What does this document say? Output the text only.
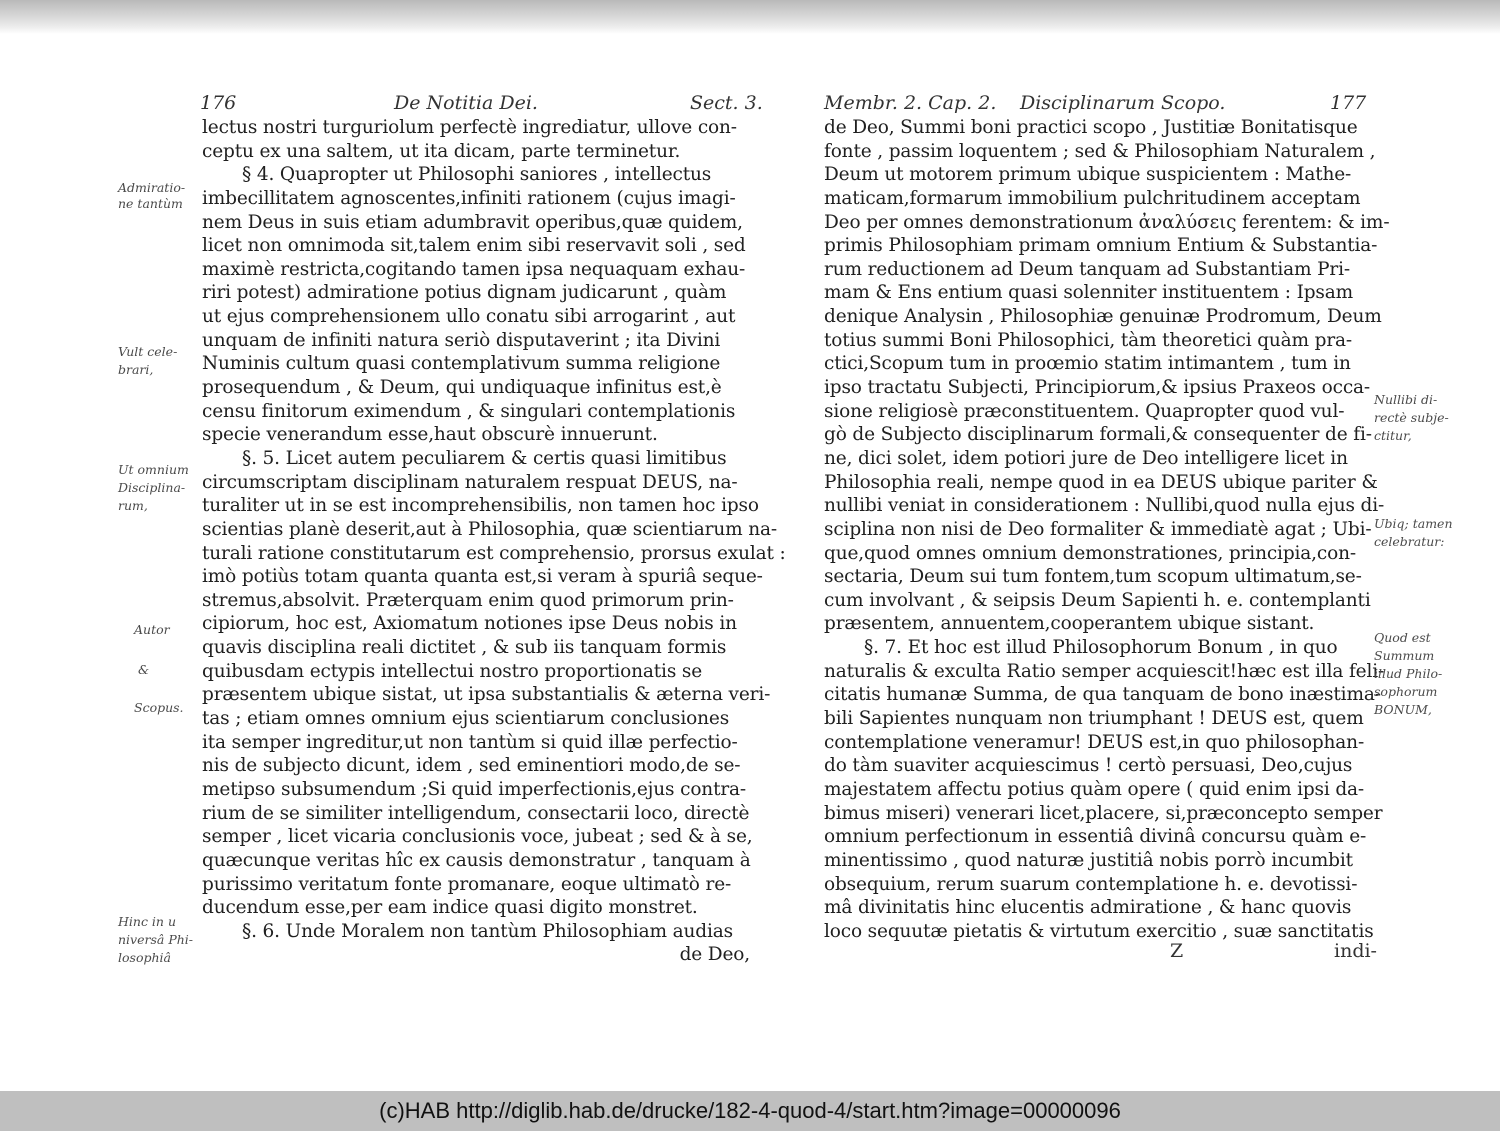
176	De Notitia Dei.	Sect. 3.
lectus nostri turguriolum perfectè ingrediatur, ullove con-
ceptu ex una saltem, ut ita dicam, parte terminetur.
§ 4. Quapropter ut Philosophi saniores , intellectus
imbecillitatem agnoscentes,infiniti rationem (cujus imagi-
nem Deus in suis etiam adumbravit operibus,quæ quidem,
licet non omnimoda sit,talem enim sibi reservavit soli , sed
maximè restricta,cogitando tamen ipsa nequaquam exhau-
riri potest) admiratione potius dignam judicarunt , quàm
ut ejus comprehensionem ullo conatu sibi arrogarint , aut
unquam de infiniti natura seriò disputaverint ; ita Divini
Numinis cultum quasi contemplativum summa religione
prosequendum , & Deum, qui undiquaque infinitus est,è
censu finitorum eximendum , & singulari contemplationis
specie venerandum esse,haut obscurè innuerunt.
§. 5. Licet autem peculiarem & certis quasi limitibus
circumscriptam disciplinam naturalem respuat DEUS, na-
turaliter ut in se est incomprehensibilis, non tamen hoc ipso
scientias planè deserit,aut à Philosophia, quæ scientiarum na-
turali ratione constitutarum est comprehensio, prorsus exulat :
imò potiùs totam quanta quanta est,si veram à spuriâ seque-
stremus,absolvit. Præterquam enim quod primorum prin-
cipiorum, hoc est, Axiomatum notiones ipse Deus nobis in
quavis disciplina reali dictitet , & sub iis tanquam formis
quibusdam ectypis intellectui nostro proportionatis se
præsentem ubique sistat, ut ipsa substantialis & æterna veri-
tas ; etiam omnes omnium ejus scientiarum conclusiones
ita semper ingreditur,ut non tantùm si quid illæ perfectio-
nis de subjecto dicunt, idem , sed eminentiori modo,de se-
metipso subsumendum ;Si quid imperfectionis,ejus contra-
rium de se similiter intelligendum, consectarii loco, directè
semper , licet vicaria conclusionis voce, jubeat ; sed & à se,
quæcunque veritas hîc ex causis demonstratur , tanquam à
purissimo veritatum fonte promanare, eoque ultimatò re-
ducendum esse,per eam indice quasi digito monstret.
§. 6. Unde Moralem non tantùm Philosophiam audias
de Deo,
Admiratio-
ne tantùm
Vult cele-
brari,
Ut omnium
Disciplina-
rum,
Autor
&
Scopus.
Hinc in u
niversâ Phi-
losophiâ
Membr. 2. Cap. 2. Disciplinarum Scopo.	177
de Deo, Summi boni practici scopo , Justitiæ Bonitatisque
fonte , passim loquentem ; sed & Philosophiam Naturalem ,
Deum ut motorem primum ubique suspicientem : Mathe-
maticam,formarum immobilium pulchritudinem acceptam
Deo per omnes demonstrationum ἀναλύσεις ferentem: & im-
primis Philosophiam primam omnium Entium & Substantia-
rum reductionem ad Deum tanquam ad Substantiam Pri-
mam & Ens entium quasi solenniter instituentem : Ipsam
denique Analysin , Philosophiæ genuinæ Prodromum, Deum
totius summi Boni Philosophici, tàm theoretici quàm pra-
ctici,Scopum tum in proœmio statim intimantem , tum in
ipso tractatu Subjecti, Principiorum,& ipsius Praxeos occa-
sione religiosè præconstituentem. Quapropter quod vul-
gò de Subjecto disciplinarum formali,& consequenter de fi-
ne, dici solet, idem potiori jure de Deo intelligere licet in
Philosophia reali, nempe quod in ea DEUS ubique pariter &
nullibi veniat in considerationem : Nullibi,quod nulla ejus di-
sciplina non nisi de Deo formaliter & immediatè agat ; Ubi-
que,quod omnes omnium demonstrationes, principia,con-
sectaria, Deum sui tum fontem,tum scopum ultimatum,se-
cum involvant , & seipsis Deum Sapienti h. e. contemplanti
præsentem, annuentem,cooperantem ubique sistant.
§. 7. Et hoc est illud Philosophorum Bonum , in quo
naturalis & exculta Ratio semper acquiescit!hæc est illa feli-
citatis humanæ Summa, de qua tanquam de bono inæstima-
bili Sapientes nunquam non triumphant ! DEUS est, quem
contemplatione veneramur! DEUS est,in quo philosophan-
do tàm suaviter acquiescimus ! certò persuasi, Deo,cujus
majestatem affectu potius quàm opere ( quid enim ipsi da-
bimus miseri) venerari licet,placere, si,præconcepto semper
omnium perfectionum in essentiâ divinâ concursu quàm e-
minentissimo , quod naturæ justitiâ nobis porrò incumbit
obsequium, rerum suarum contemplatione h. e. devotissi-
mâ divinitatis hinc elucentis admiratione , & hanc quovis
loco sequutæ pietatis & virtutum exercitio , suæ sanctitatis
Z	indi-
Nullibi di-
rectè subje-
ctitur,
Ubiq; tamen
celebratur:
Quod est
Summum
illud Philo-
sophorum
BONUM,
(c)HAB http://diglib.hab.de/drucke/182-4-quod-4/start.htm?image=00000096
